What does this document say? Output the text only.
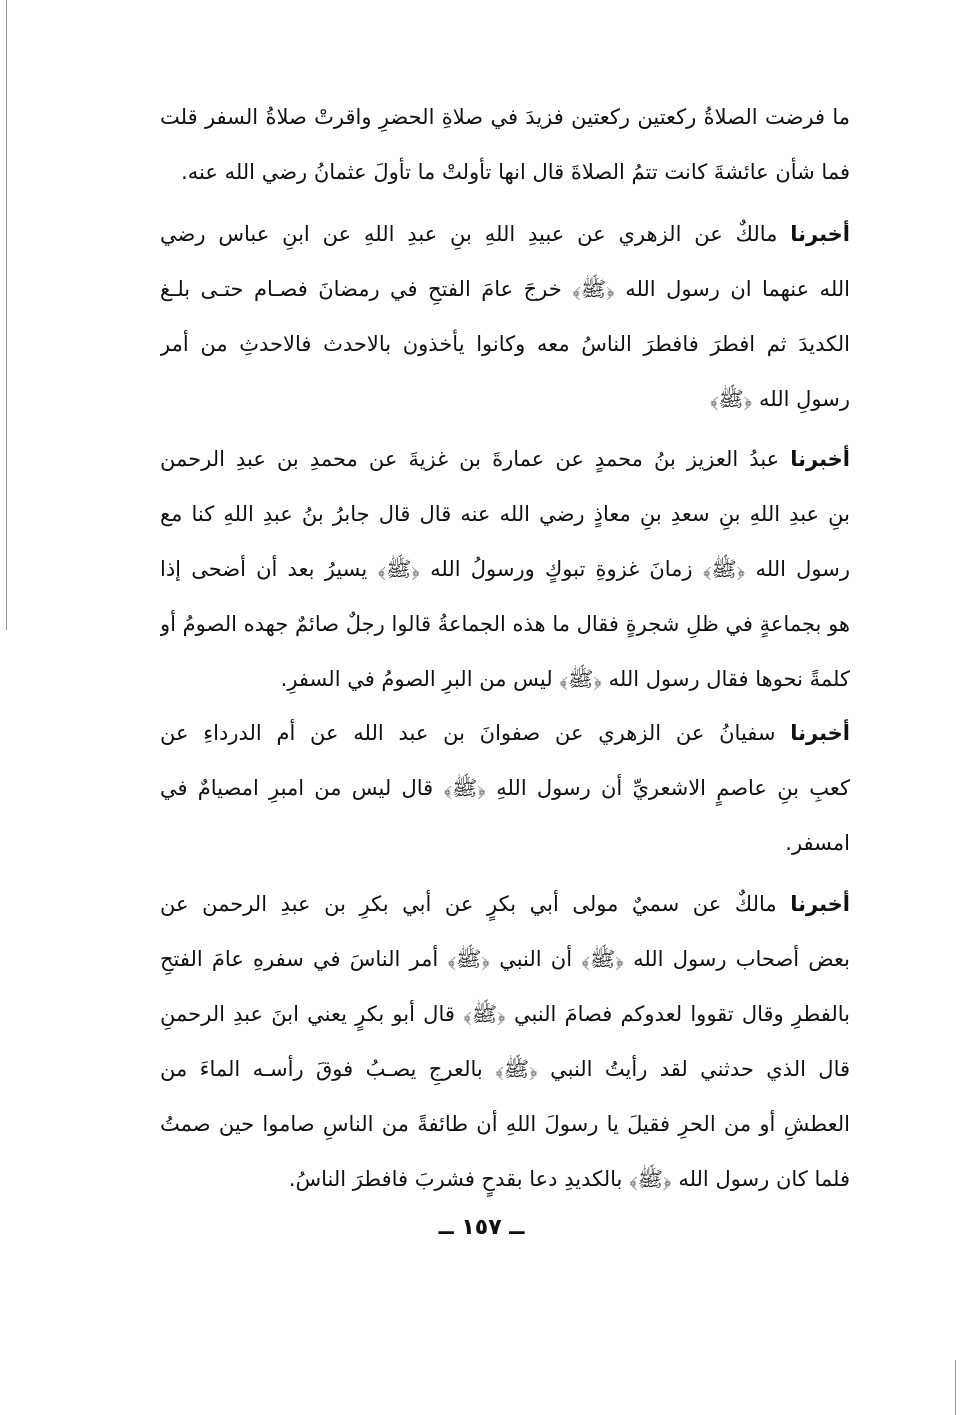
ما فرضت الصلاةُ ركعتين ركعتين فزيدَ في صلاةِ الحضرِ واقرتْ صلاةُ السفر قلت
فما شأن عائشةَ كانت تتمُ الصلاةَ قال انها تأولتْ ما تأولَ عثمانُ رضي الله عنه.
أخبرنا مالكٌ عن الزهري عن عبيدِ اللهِ بنِ عبدِ اللهِ عن ابنِ عباس رضي
الله عنهما ان رسول الله ﴿ﷺ﴾ خرجَ عامَ الفتحِ في رمضانَ فصـام حتـى بلـغ
الكديدَ ثم افطرَ فافطرَ الناسُ معه وكانوا يأخذون بالاحدث فالاحدثِ من أمر
رسولِ الله ﴿ﷺ﴾
أخبرنا عبدُ العزيز بنُ محمدٍ عن عمارةَ بن غزيةَ عن محمدِ بن عبدِ الرحمن
بنِ عبدِ اللهِ بنِ سعدِ بنِ معاذٍ رضي الله عنه قال قال جابرُ بنُ عبدِ اللهِ كنا مع
رسول الله ﴿ﷺ﴾ زمانَ غزوةِ تبوكٍ ورسولُ الله ﴿ﷺ﴾ يسيرُ بعد أن أضحى إذا
هو بجماعةٍ في ظلِ شجرةٍ فقال ما هذه الجماعةُ قالوا رجلٌ صائمٌ جهده الصومُ أو
كلمةً نحوها فقال رسول الله ﴿ﷺ﴾ ليس من البرِ الصومُ في السفرِ.
أخبرنا سفيانُ عن الزهري عن صفوانَ بن عبد الله عن أم الدرداءِ عن
كعبِ بنِ عاصمٍ الاشعريِّ أن رسول اللهِ ﴿ﷺ﴾ قال ليس من امبرِ امصيامٌ في
امسفر.
أخبرنا مالكٌ عن سميٌ مولى أبي بكرٍ عن أبي بكرِ بن عبدِ الرحمن عن
بعض أصحاب رسول الله ﴿ﷺ﴾ أن النبي ﴿ﷺ﴾ أمر الناسَ في سفرهِ عامَ الفتحِ
بالفطرِ وقال تقووا لعدوكم فصامَ النبي ﴿ﷺ﴾ قال أبو بكرٍ يعني ابنَ عبدِ الرحمنِ
قال الذي حدثني لقد رأيتُ النبي ﴿ﷺ﴾ بالعرجِ يصـبُ فوقَ رأسـه الماءَ من
العطشِ أو من الحرِ فقيلَ يا رسولَ اللهِ أن طائفةً من الناسِ صاموا حين صمتُ
فلما كان رسول الله ﴿ﷺ﴾ بالكديدِ دعا بقدحٍ فشربَ فافطرَ الناسُ.
ــ ١٥٧ ــ
